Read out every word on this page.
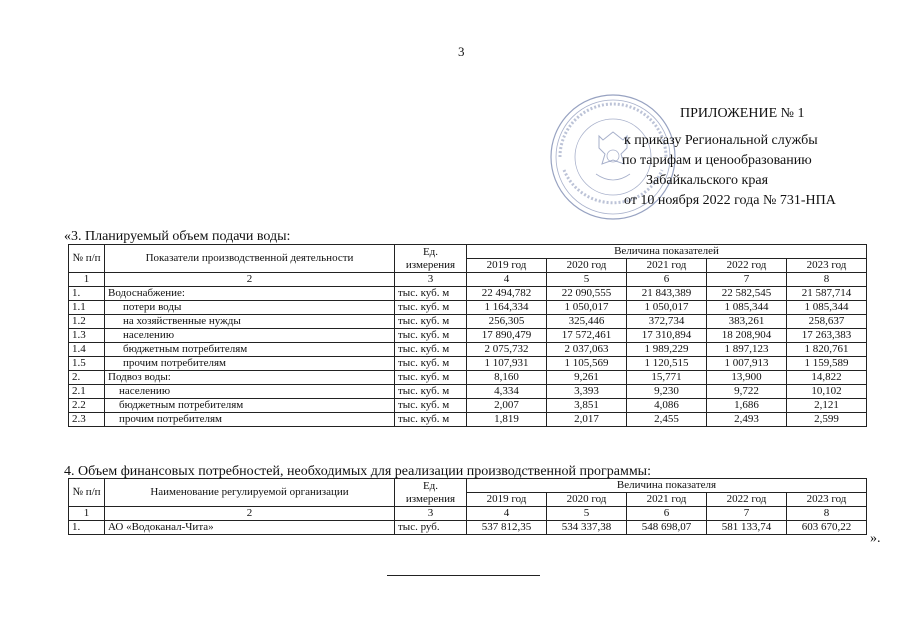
3
ПРИЛОЖЕНИЕ № 1
к приказу Региональной службы
по тарифам и ценообразованию
Забайкальского края
от 10 ноября 2022 года № 731-НПА
«3. Планируемый объем подачи воды:
№ п/п	Показатели производственной деятельности	Ед. измерения	Величина показателей				
			2019 год	2020 год	2021 год	2022 год	2023 год
1	2	3	4	5	6	7	8
1.	Водоснабжение:	тыс. куб. м	22 494,782	22 090,555	21 843,389	22 582,545	21 587,714
1.1	потери воды	тыс. куб. м	1 164,334	1 050,017	1 050,017	1 085,344	1 085,344
1.2	на хозяйственные нужды	тыс. куб. м	256,305	325,446	372,734	383,261	258,637
1.3	населению	тыс. куб. м	17 890,479	17 572,461	17 310,894	18 208,904	17 263,383
1.4	бюджетным потребителям	тыс. куб. м	2 075,732	2 037,063	1 989,229	1 897,123	1 820,761
1.5	прочим потребителям	тыс. куб. м	1 107,931	1 105,569	1 120,515	1 007,913	1 159,589
2.	Подвоз воды:	тыс. куб. м	8,160	9,261	15,771	13,900	14,822
2.1	населению	тыс. куб. м	4,334	3,393	9,230	9,722	10,102
2.2	бюджетным потребителям	тыс. куб. м	2,007	3,851	4,086	1,686	2,121
2.3	прочим потребителям	тыс. куб. м	1,819	2,017	2,455	2,493	2,599
4. Объем финансовых потребностей, необходимых для реализации производственной программы:
№ п/п	Наименование регулируемой организации	Ед. измерения	Величина показателя				
			2019 год	2020 год	2021 год	2022 год	2023 год
1	2	3	4	5	6	7	8
1.	АО «Водоканал-Чита»	тыс. руб.	537 812,35	534 337,38	548 698,07	581 133,74	603 670,22
».
